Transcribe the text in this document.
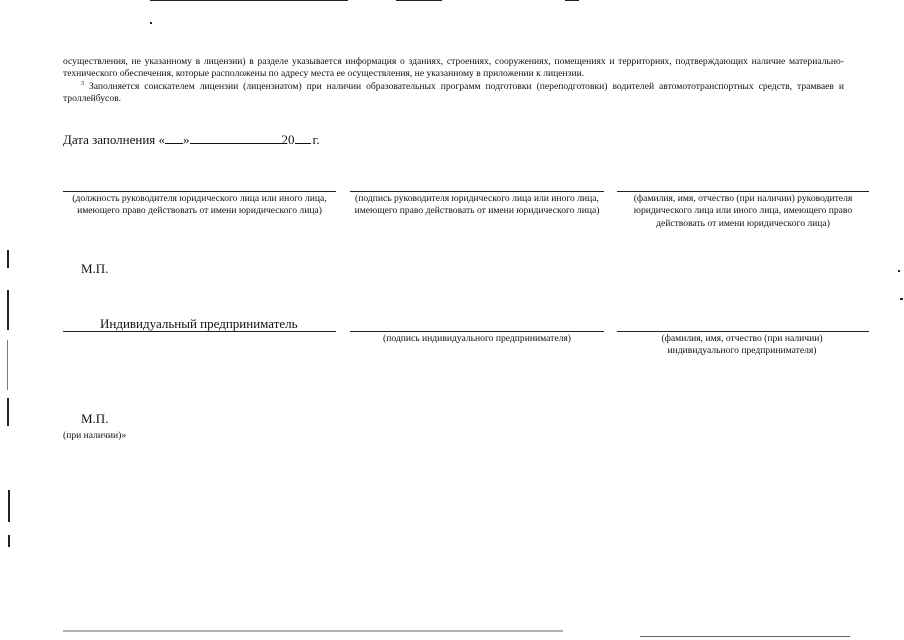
осуществления, не указанному в лицензии) в разделе указывается информация о зданиях, строениях, сооружениях, помещениях и территориях, подтверждающих наличие материально-технического обеспечения, которые расположены по адресу места ее осуществления, не указанному в приложении к лицензии.

$^3$ Заполняется соискателем лицензии (лицензиатом) при наличии образовательных программ подготовки (переподготовки) водителей автомототранспортных средств, трамваев и троллейбусов.

Дата заполнения « »	20 г.
(должность руководителя юридического лица или иного лица, имеющего право действовать от имени юридического лица)
(подпись руководителя юридического лица или иного лица, имеющего право действовать от имени юридического лица)
(фамилия, имя, отчество (при наличии) руководителя юридического лица или иного лица, имеющего право действовать от имени юридического лица)
М.П.
Индивидуальный предприниматель
(подпись индивидуального предпринимателя)	(фамилия, имя, отчество (при наличии) индивидуального предпринимателя)
М.П.
(при наличии)»
